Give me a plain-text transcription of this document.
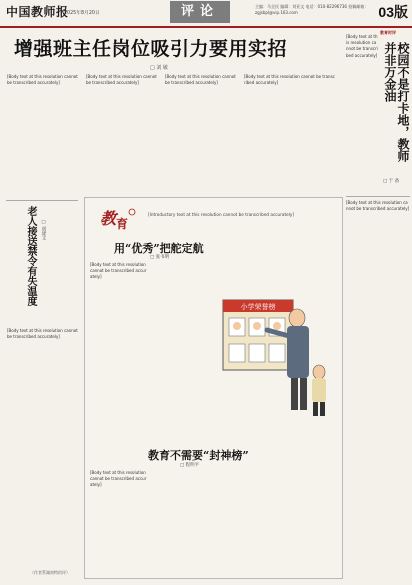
中国教师报
2025年8月20日	评论	主编：马全民 编辑：刘亚文 电话：010-82296736 投稿邮箱：zgjsbpl@vip.163.com	03版
增强班主任岗位吸引力要用实招
□ 刘 敏
[Body text at this resolution cannot be transcribed accurately]
[Body text at this resolution cannot be transcribed accurately]
[Body text at this resolution cannot be transcribed accurately]
[Body text at this resolution cannot be transcribed accurately]
教育时评
[Body text at this resolution cannot be transcribed accurately]	校园不是打卡地，教师并非万金油
□ 于 备
[Body text at this resolution cannot be transcribed accurately]
老人接送禁令有失温度 □ 胡建文
[Body text at this resolution cannot be transcribed accurately]
（作者系湖南特约评）
教 育
[Introductory text at this resolution cannot be transcribed accurately]
用“优秀”把舵定航
□ 张书明
[Body text at this resolution cannot be transcribed accurately]
小学荣誉榜
教育不需要“封神榜”
□ 程明平
[Body text at this resolution cannot be transcribed accurately]
